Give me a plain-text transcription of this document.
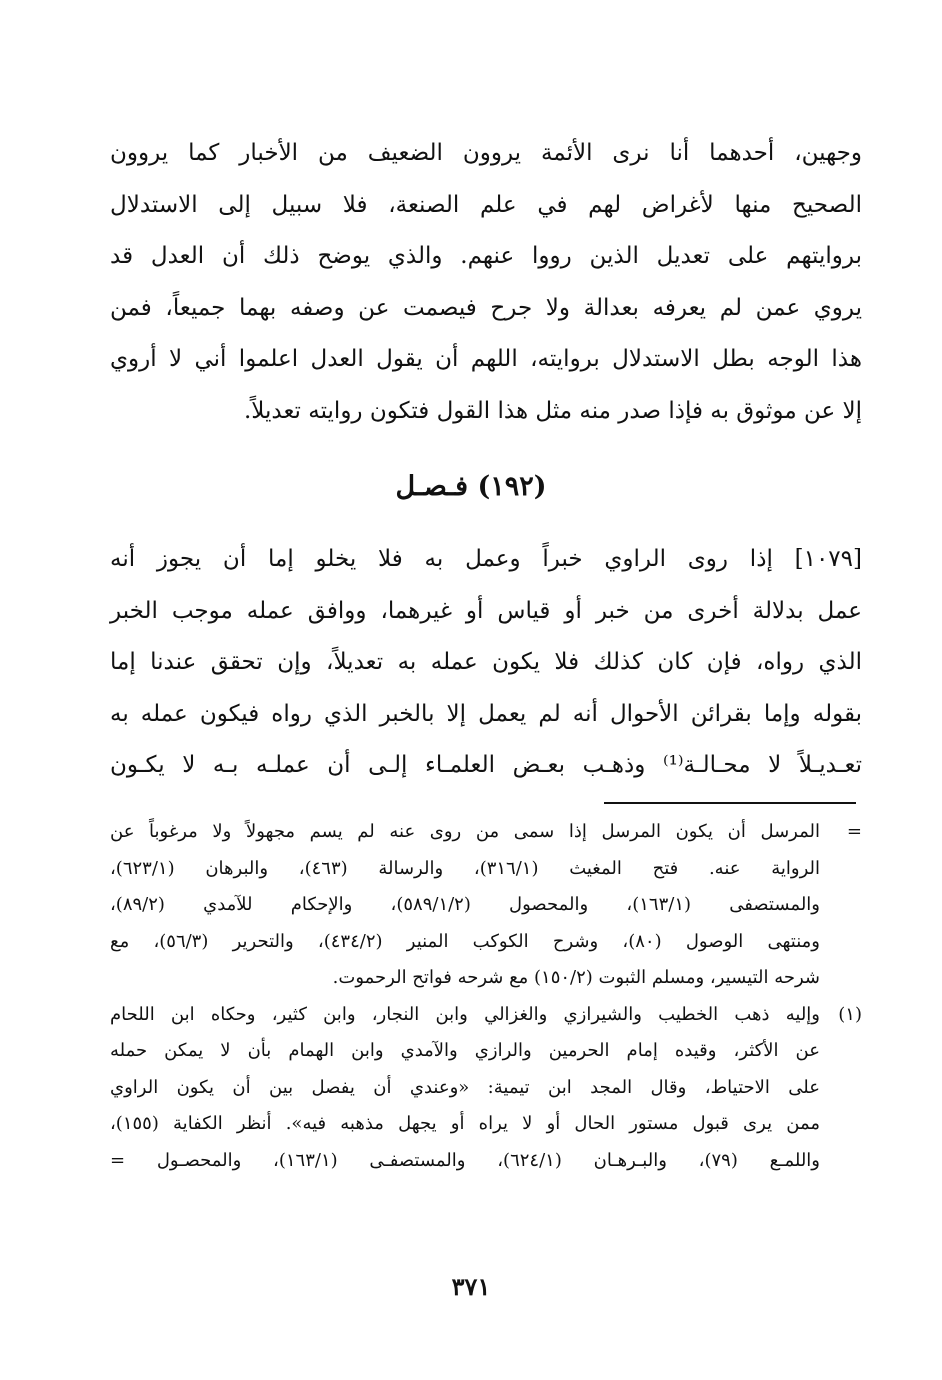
وجهين، أحدهما أنا نرى الأئمة يروون الضعيف من الأخبار كما يروون
الصحيح منها لأغراض لهم في علم الصنعة، فلا سبيل إلى الاستدلال
بروايتهم على تعديل الذين رووا عنهم. والذي يوضح ذلك أن العدل قد
يروي عمن لم يعرفه بعدالة ولا جرح فيصمت عن وصفه بهما جميعاً، فمن
هذا الوجه بطل الاستدلال بروايته، اللهم أن يقول العدل اعلموا أني لا أروي
إلا عن موثوق به فإذا صدر منه مثل هذا القول فتكون روايته تعديلاً.
(١٩٢) فـصـل
[١٠٧٩] إذا روى الراوي خبراً وعمل به فلا يخلو إما أن يجوز أنه
عمل بدلالة أخرى من خبر أو قياس أو غيرهما، ووافق عمله موجب الخبر
الذي رواه، فإن كان كذلك فلا يكون عمله به تعديلاً، وإن تحقق عندنا إما
بقوله وإما بقرائن الأحوال أنه لم يعمل إلا بالخبر الذي رواه فيكون عمله به
تعـديـلاً لا محـالـة⁽¹⁾ وذهـب بعـض العلمـاء إلـى أن عملـه بـه لا يكـون
=
المرسل أن يكون المرسل إذا سمى من روى عنه لم يسم مجهولاً ولا مرغوباً عن
الرواية عنه. فتح المغيث (٣١٦/١)، والرسالة (٤٦٣)، والبرهان (٦٢٣/١)،
والمستصفى (١٦٣/١)، والمحصول (٥٨٩/١/٢)، والإحكام للآمدي (٨٩/٢)،
ومنتهى الوصول (٨٠)، وشرح الكوكب المنير (٤٣٤/٢)، والتحرير (٥٦/٣)، مع
شرحه التيسير، ومسلم الثبوت (١٥٠/٢) مع شرحه فواتح الرحموت.
(١)
وإليه ذهب الخطيب والشيرازي والغزالي وابن النجار، وابن كثير، وحكاه ابن اللحام
عن الأكثر، وقيده إمام الحرمين والرازي والآمدي وابن الهمام بأن لا يمكن حمله
على الاحتياط، وقال المجد ابن تيمية: «وعندي أن يفصل بين أن يكون الراوي
ممن يرى قبول مستور الحال أو لا يراه أو يجهل مذهبه فيه». أنظر الكفاية (١٥٥)،
واللمـع (٧٩)، والبـرهـان (٦٢٤/١)، والمستصفـى (١٦٣/١)، والمحصـول =
٣٧١
